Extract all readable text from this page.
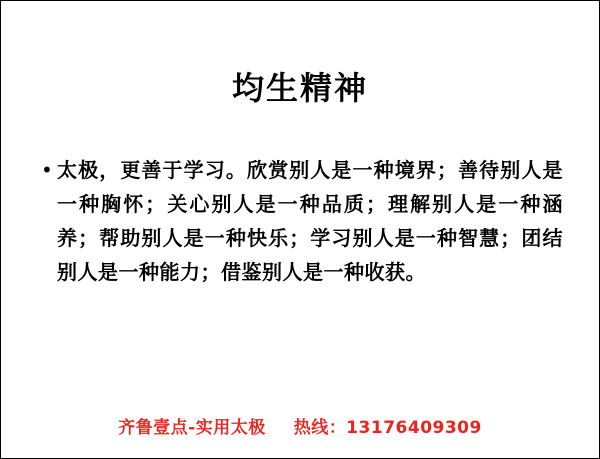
均生精神
• 太极，更善于学习。欣赏别人是一种境界；善待别人是一种胸怀；关心别人是一种品质；理解别人是一种涵养；帮助别人是一种快乐；学习别人是一种智慧；团结别人是一种能力；借鉴别人是一种收获。
齐鲁壹点-实用太极 热线：13176409309
